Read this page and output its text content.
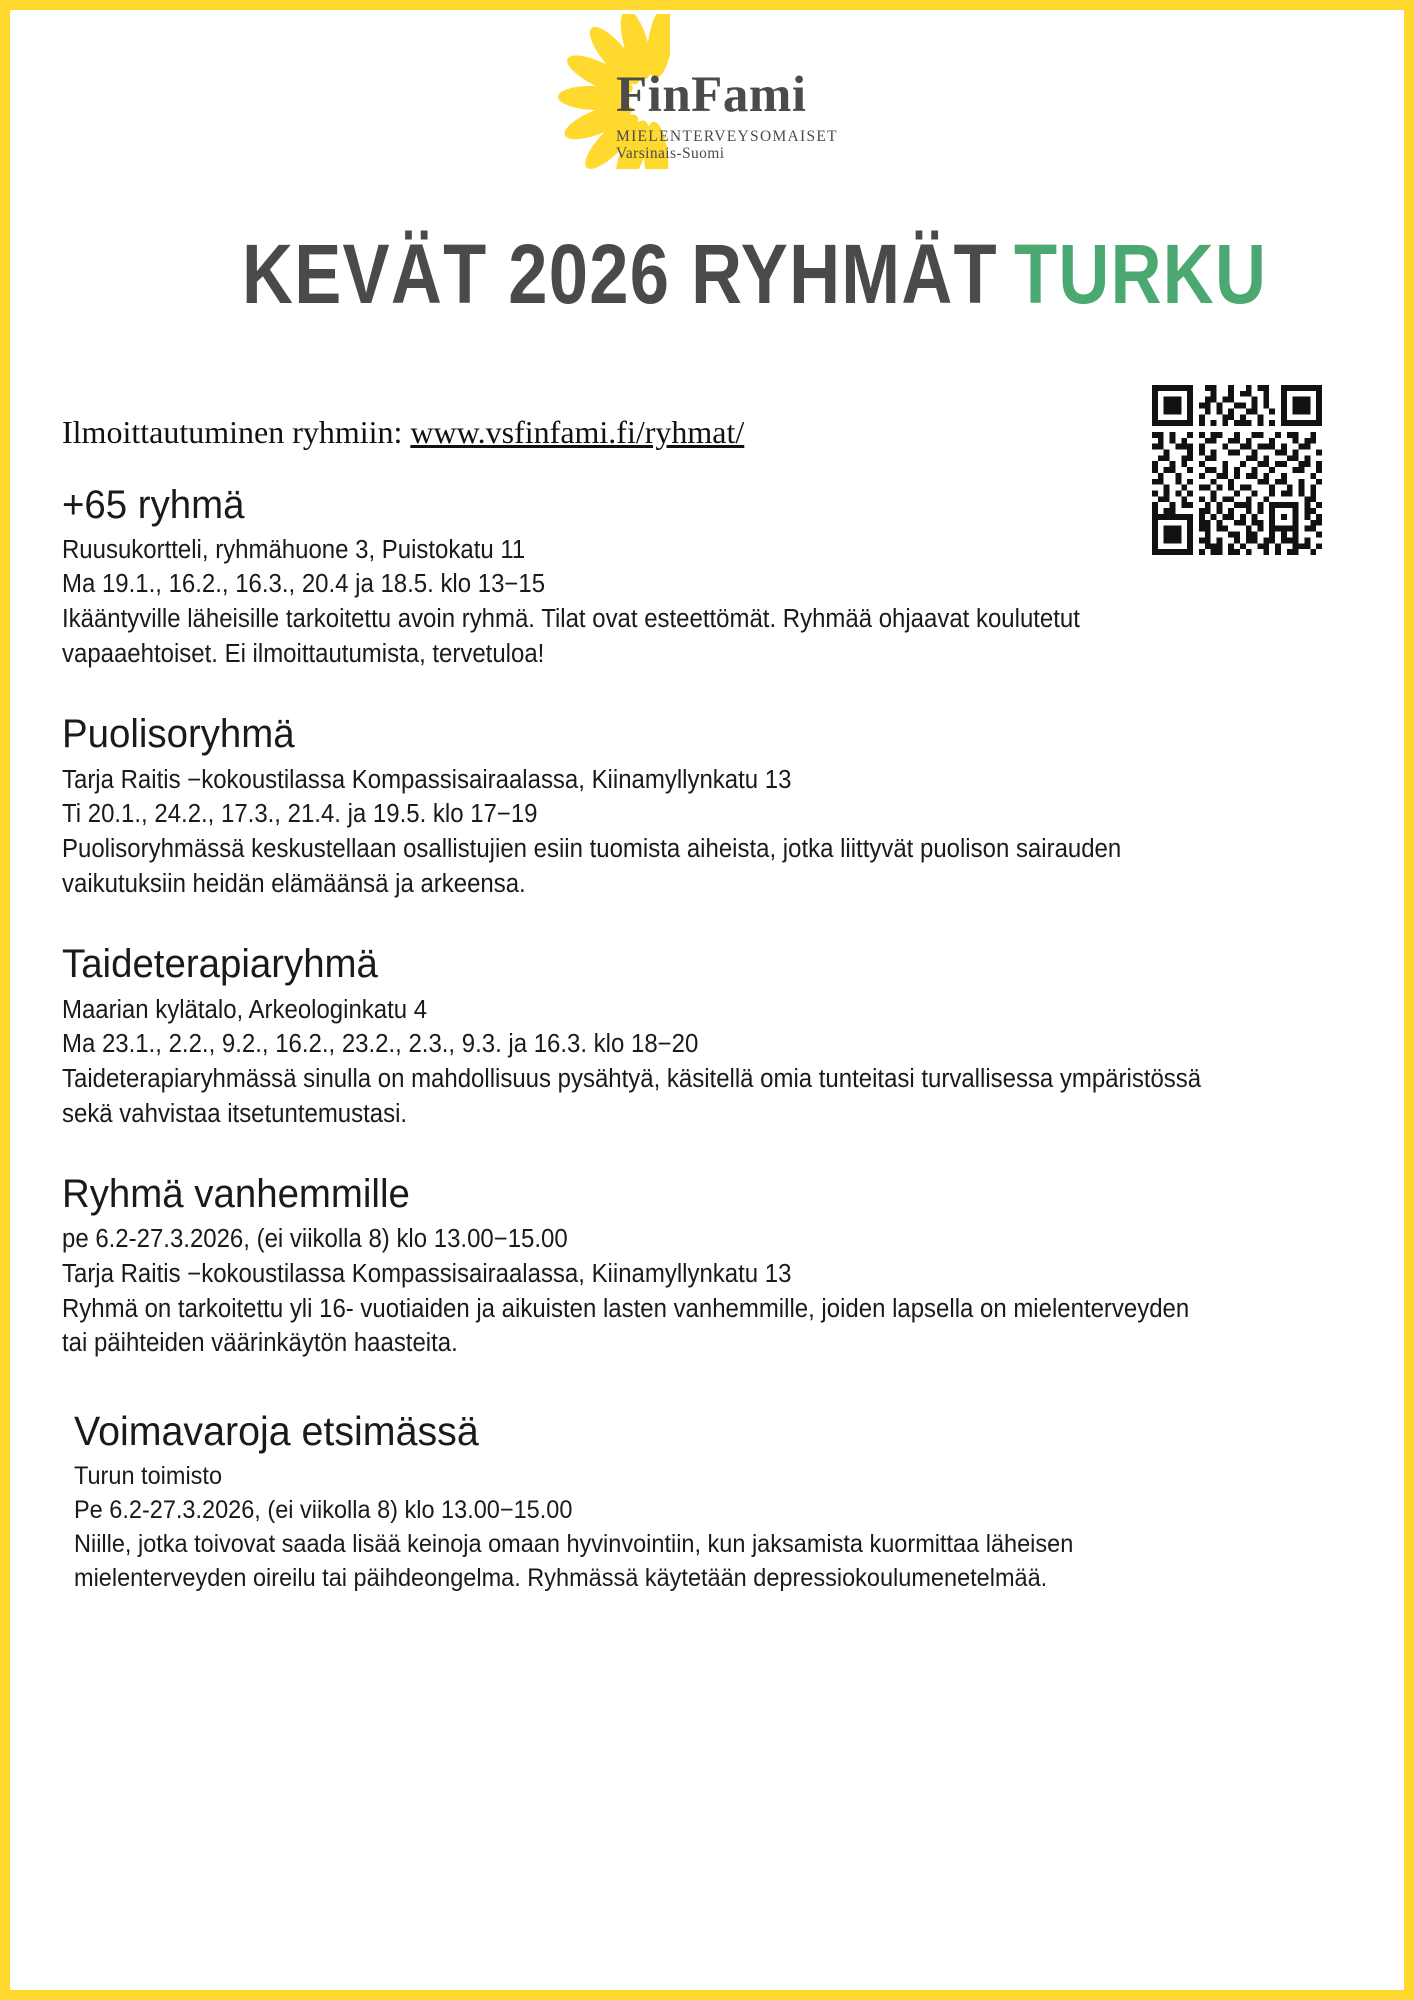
FinFami
MIELENTERVEYSOMAISET
Varsinais-Suomi
KEVÄT 2026 RYHMÄT TURKU
Ilmoittautuminen ryhmiin: www.vsfinfami.fi/ryhmat/
+65 ryhmä
Ruusukortteli, ryhmähuone 3, Puistokatu 11
Ma 19.1., 16.2., 16.3., 20.4 ja 18.5. klo 13−15
Ikääntyville läheisille tarkoitettu avoin ryhmä. Tilat ovat esteettömät. Ryhmää ohjaavat koulutetut vapaaehtoiset. Ei ilmoittautumista, tervetuloa!
Puolisoryhmä
Tarja Raitis −kokoustilassa Kompassisairaalassa, Kiinamyllynkatu 13
Ti 20.1., 24.2., 17.3., 21.4. ja 19.5. klo 17−19
Puolisoryhmässä keskustellaan osallistujien esiin tuomista aiheista, jotka liittyvät puolison sairauden vaikutuksiin heidän elämäänsä ja arkeensa.
Taideterapiaryhmä
Maarian kylätalo, Arkeologinkatu 4
Ma 23.1., 2.2., 9.2., 16.2., 23.2., 2.3., 9.3. ja 16.3. klo 18−20
Taideterapiaryhmässä sinulla on mahdollisuus pysähtyä, käsitellä omia tunteitasi turvallisessa ympäristössä sekä vahvistaa itsetuntemustasi.
Ryhmä vanhemmille
pe 6.2-27.3.2026, (ei viikolla 8) klo 13.00−15.00
Tarja Raitis −kokoustilassa Kompassisairaalassa, Kiinamyllynkatu 13
Ryhmä on tarkoitettu yli 16- vuotiaiden ja aikuisten lasten vanhemmille, joiden lapsella on mielenterveyden tai päihteiden väärinkäytön haasteita.
Voimavaroja etsimässä
Turun toimisto
Pe 6.2-27.3.2026, (ei viikolla 8) klo 13.00−15.00
Niille, jotka toivovat saada lisää keinoja omaan hyvinvointiin, kun jaksamista kuormittaa läheisen mielenterveyden oireilu tai päihdeongelma. Ryhmässä käytetään depressiokoulumenetelmää.
